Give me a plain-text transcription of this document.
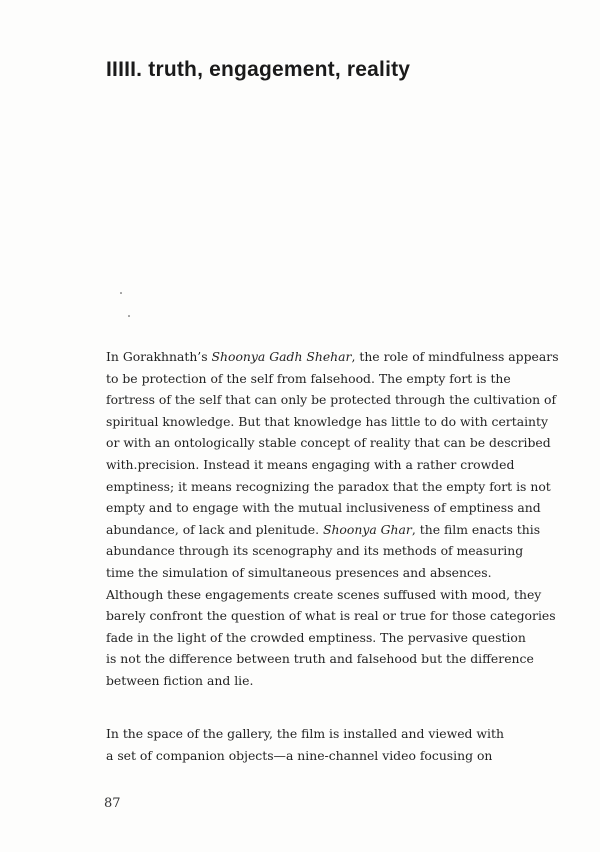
IIIII. truth, engagement, reality
In Gorakhnath’s Shoonya Gadh Shehar, the role of mindfulness appears
to be protection of the self from falsehood. The empty fort is the
fortress of the self that can only be protected through the cultivation of
spiritual knowledge. But that knowledge has little to do with certainty
or with an ontologically stable concept of reality that can be described
with.precision. Instead it means engaging with a rather crowded
emptiness; it means recognizing the paradox that the empty fort is not
empty and to engage with the mutual inclusiveness of emptiness and
abundance, of lack and plenitude. Shoonya Ghar, the film enacts this
abundance through its scenography and its methods of measuring
time the simulation of simultaneous presences and absences.
Although these engagements create scenes suffused with mood, they
barely confront the question of what is real or true for those categories
fade in the light of the crowded emptiness. The pervasive question
is not the difference between truth and falsehood but the difference
between fiction and lie.
In the space of the gallery, the film is installed and viewed with
a set of companion objects—a nine-channel video focusing on
87
